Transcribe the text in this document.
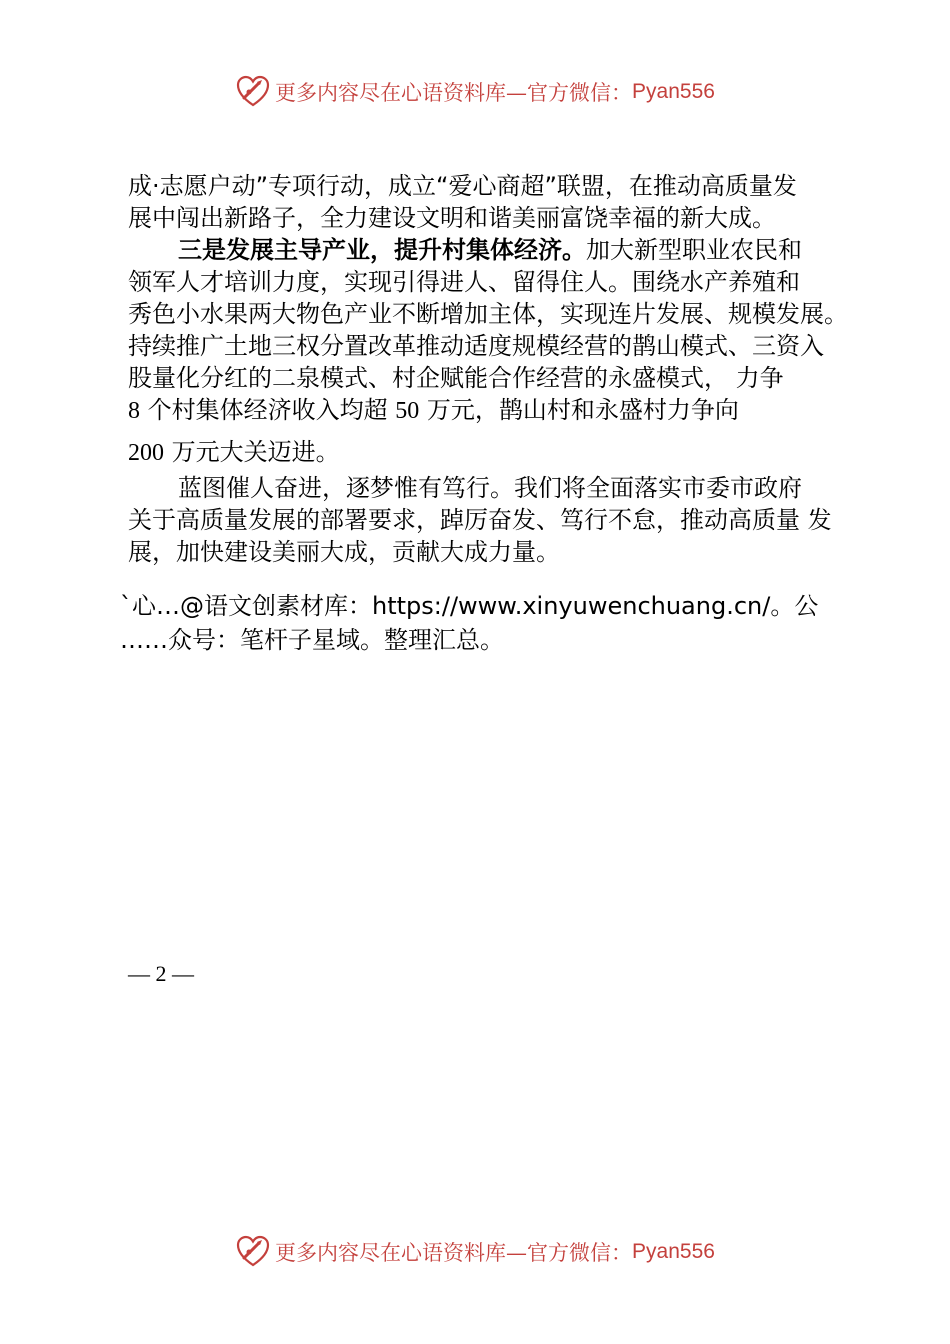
更多内容尽在心语资料库—官方微信： Pyan556
成·志愿户动”专项行动，成立“爱心商超”联盟，在推动高质量发
展中闯出新路子，全力建设文明和谐美丽富饶幸福的新大成。
三是发展主导产业，提升村集体经济。加大新型职业农民和
领军人才培训力度，实现引得进人、留得住人。围绕水产养殖和
秀色小水果两大物色产业不断增加主体，实现连片发展、规模发展。
持续推广土地三权分置改革推动适度规模经营的鹊山模式、三资入
股量化分红的二泉模式、村企赋能合作经营的永盛模式， 力争
8 个村集体经济收入均超 50 万元，鹊山村和永盛村力争向
200 万元大关迈进。
蓝图催人奋进，逐梦惟有笃行。我们将全面落实市委市政府
关于高质量发展的部署要求，踔厉奋发、笃行不怠，推动高质量 发
展，加快建设美丽大成，贡献大成力量。
`心…@语文创素材库：https://www.xinyuwenchuang.cn/。公
……众号：笔杆子星域。整理汇总。
— 2 —
更多内容尽在心语资料库—官方微信： Pyan556
